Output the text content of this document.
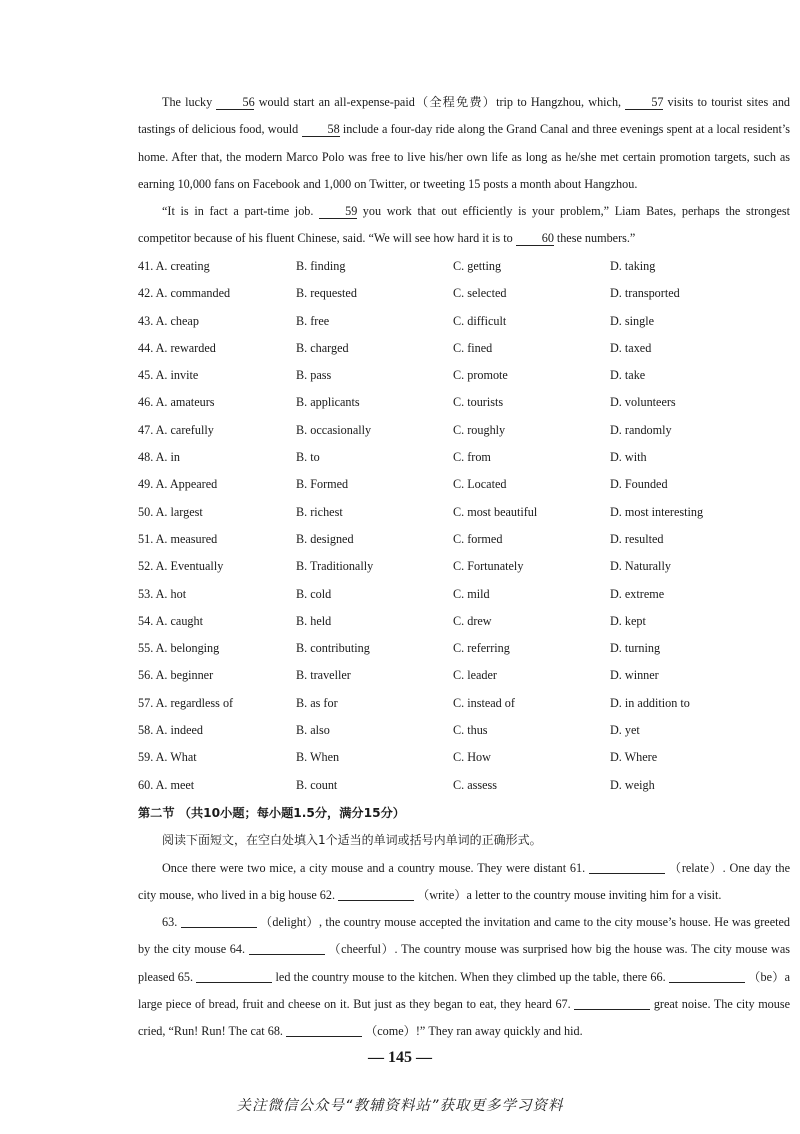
The lucky 56 would start an all-expense-paid（全程免费）trip to Hangzhou, which, 57 visits to tourist sites and tastings of delicious food, would 58 include a four-day ride along the Grand Canal and three evenings spent at a local resident’s home. After that, the modern Marco Polo was free to live his/her own life as long as he/she met certain promotion targets, such as earning 10,000 fans on Facebook and 1,000 on Twitter, or tweeting 15 posts a month about Hangzhou.

“It is in fact a part-time job.	59 you work that out efficiently is your problem,” Liam Bates, perhaps the strongest competitor because of his fluent Chinese, said. “We will see how hard it is to 60 these numbers.”

41. A. creating	B. finding	C. getting	D. taking
42. A. commanded	B. requested	C. selected	D. transported
43. A. cheap	B. free	C. difficult	D. single
44. A. rewarded	B. charged	C. fined	D. taxed
45. A. invite	B. pass	C. promote	D. take
46. A. amateurs	B. applicants	C. tourists	D. volunteers
47. A. carefully	B. occasionally	C. roughly	D. randomly
48. A. in	B. to	C. from	D. with
49. A. Appeared	B. Formed	C. Located	D. Founded
50. A. largest	B. richest	C. most beautiful	D. most interesting
51. A. measured	B. designed	C. formed	D. resulted
52. A. Eventually	B. Traditionally	C. Fortunately	D. Naturally
53. A. hot	B. cold	C. mild	D. extreme
54. A. caught	B. held	C. drew	D. kept
55. A. belonging	B. contributing	C. referring	D. turning
56. A. beginner	B. traveller	C. leader	D. winner
57. A. regardless of	B. as for	C. instead of	D. in addition to
58. A. indeed	B. also	C. thus	D. yet
59. A. What	B. When	C. How	D. Where
60. A. meet	B. count	C. assess	D. weigh
第二节 （共10小题；每小题1.5分，满分15分）
阅读下面短文，在空白处填入1个适当的单词或括号内单词的正确形式。

Once there were two mice, a city mouse and a country mouse. They were distant 61.	（relate）. One day the city mouse, who lived in a big house 62.	（write）a letter to the country mouse inviting him for a visit.

63.	（delight）, the country mouse accepted the invitation and came to the city mouse’s house. He was greeted by the city mouse 64.	（cheerful）. The country mouse was surprised how big the house was. The city mouse was pleased 65.	led the country mouse to the kitchen. When they climbed up the table, there 66.	（be）a large piece of bread, fruit and cheese on it. But just as they began to eat, they heard 67.	great noise. The city mouse cried, “Run! Run! The cat 68.	（come）!” They ran away quickly and hid.

— 145 —
关注微信公众号“教辅资料站”获取更多学习资料
